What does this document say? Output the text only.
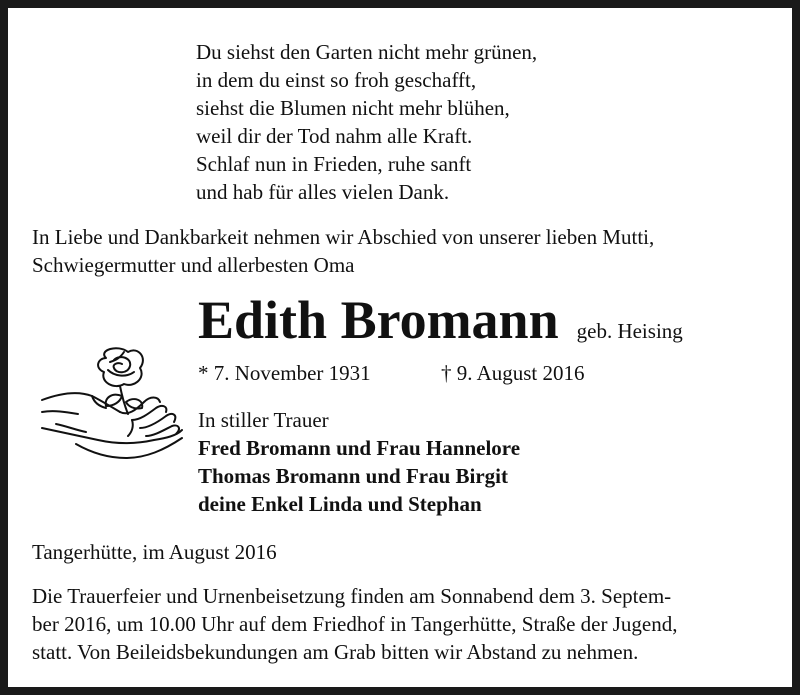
Du siehst den Garten nicht mehr grünen,
in dem du einst so froh geschafft,
siehst die Blumen nicht mehr blühen,
weil dir der Tod nahm alle Kraft.
Schlaf nun in Frieden, ruhe sanft
und hab für alles vielen Dank.
In Liebe und Dankbarkeit nehmen wir Abschied von unserer lieben Mutti,
Schwiegermutter und allerbesten Oma
Edith Bromann geb. Heising
* 7. November 1931	† 9. August 2016
In stiller Trauer
Fred Bromann und Frau Hannelore
Thomas Bromann und Frau Birgit
deine Enkel Linda und Stephan
Tangerhütte, im August 2016
Die Trauerfeier und Urnenbeisetzung finden am Sonnabend dem 3. Septem-
ber 2016, um 10.00 Uhr auf dem Friedhof in Tangerhütte, Straße der Jugend,
statt. Von Beileidsbekundungen am Grab bitten wir Abstand zu nehmen.
